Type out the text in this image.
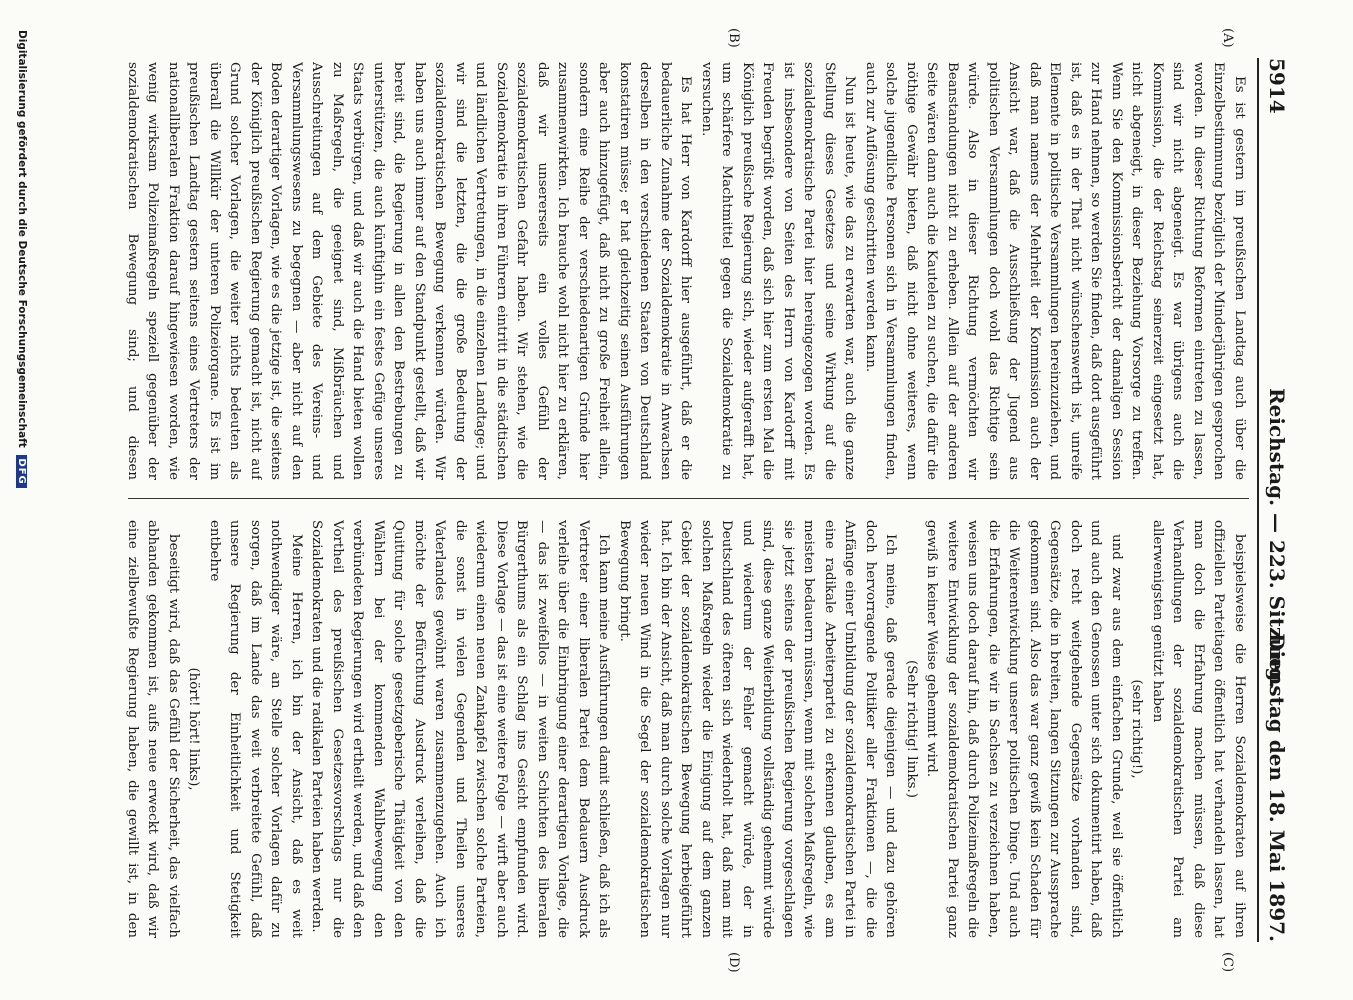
5914
Reichstag. — 223. Sitzung.
Dienstag den 18. Mai 1897.
(A)
(B)
(C)
(D)

Es ist gestern im preußischen Landtag auch über die Einzelbestimmung bezüglich der Minderjährigen gesprochen worden. In dieser Richtung Reformen eintreten zu lassen, sind wir nicht abgeneigt. Es war übrigens auch die Kommission, die der Reichstag seinerzeit eingesetzt hat, nicht abgeneigt, in dieser Beziehung Vorsorge zu treffen. Wenn Sie den Kommissionsbericht der damaligen Session zur Hand nehmen, so werden Sie finden, daß dort ausgeführt ist, daß es in der That nicht wünschenswerth ist, unreife Elemente in politische Versammlungen hereinzuziehen, und daß man namens der Mehrheit der Kommission auch der Ansicht war, daß die Ausschließung der Jugend aus politischen Versammlungen doch wohl das Richtige sein würde. Also in dieser Richtung vermöchten wir Beanstandungen nicht zu erheben. Allein auf der anderen Seite wären dann auch die Kautelen zu suchen, die dafür die nöthige Gewähr bieten, daß nicht ohne weiteres, wenn solche jugendliche Personen sich in Versammlungen finden, auch zur Auflösung geschritten werden kann.

Nun ist heute, wie das zu erwarten war, auch die ganze Stellung dieses Gesetzes und seine Wirkung auf die sozialdemokratische Partei hier hereingezogen worden. Es ist insbesondere von Seiten des Herrn von Kardorff mit Freuden begrüßt worden, daß sich hier zum ersten Mal die Königlich preußische Regierung sich, wieder aufgerafft hat, um schärfere Machtmittel gegen die Sozialdemokratie zu versuchen.

Es hat Herr von Kardorff hier ausgeführt, daß er die bedauerliche Zunahme der Sozialdemokratie in Anwachsen derselben in den verschiedenen Staaten von Deutschland konstatiren müsse; er hat gleichzeitig seinen Ausführungen aber auch hinzugefügt, daß nicht zu große Freiheit allein, sondern eine Reihe der verschiedenartigen Gründe hier zusammenwirkten. Ich brauche wohl nicht hier zu erklären, daß wir unsererseits ein volles Gefühl der sozialdemokratischen Gefahr haben. Wir stehen, wie die Sozialdemokratie in ihren Führern eintritt in die städtischen und ländlichen Vertretungen, in die einzelnen Landtage; und wir sind die letzten, die die große Bedeutung der sozialdemokratischen Bewegung verkennen würden. Wir haben uns auch immer auf den Standpunkt gestellt, daß wir bereit sind, die Regierung in allen den Bestrebungen zu unterstützen, die auch künftighin ein festes Gefüge unseres Staats verbürgen, und daß wir auch die Hand bieten wollen zu Maßregeln, die geeignet sind, Mißbräuchen und Ausschreitungen auf dem Gebiete des Vereins- und Versammlungswesens zu begegnen — aber nicht auf den Boden derartiger Vorlagen, wie es die jetzige ist, die seitens der Königlich preußischen Regierung gemacht ist, nicht auf Grund solcher Vorlagen, die weiter nichts bedeuten als überall die Willkür der unteren Polizeiorgane. Es ist im preußischen Landtag gestern seitens eines Vertreters der nationalliberalen Fraktion darauf hingewiesen worden, wie wenig wirksam Polizeimaßregeln speziell gegenüber der sozialdemokratischen Bewegung sind; und diesen

beispielsweise die Herren Sozialdemokraten auf ihren offiziellen Parteitagen öffentlich hat verhandeln lassen, hat man doch die Erfahrung machen müssen, daß diese Verhandlungen der sozialdemokratischen Partei am allerwenigsten genützt haben

(sehr richtig!),

und zwar aus dem einfachen Grunde, weil sie öffentlich und auch den Genossen unter sich dokumentirt haben, daß doch recht weitgehende Gegensätze vorhanden sind, Gegensätze, die in breiten, langen Sitzungen zur Aussprache gekommen sind. Also das war ganz gewiß kein Schaden für die Weiterentwicklung unserer politischen Dinge. Und auch die Erfahrungen, die wir in Sachsen zu verzeichnen haben, weisen uns doch darauf hin, daß durch Polizeimaßregeln die weitere Entwicklung der sozialdemokratischen Partei ganz gewiß in keiner Weise gehemmt wird.

(Sehr richtig! links.)

Ich meine, daß gerade diejenigen — und dazu gehören doch hervorragende Politiker aller Fraktionen —, die die Anfänge einer Umbildung der sozialdemokratischen Partei in eine radikale Arbeiterpartei zu erkennen glauben, es am meisten bedauern müssen, wenn mit solchen Maßregeln, wie sie jetzt seitens der preußischen Regierung vorgeschlagen sind, diese ganze Weiterbildung vollständig gehemmt würde und wiederum der Fehler gemacht würde, der in Deutschland des öfteren sich wiederholt hat, daß man mit solchen Maßregeln wieder die Einigung auf dem ganzen Gebiet der sozialdemokratischen Bewegung herbeigeführt hat. Ich bin der Ansicht, daß man durch solche Vorlagen nur wieder neuen Wind in die Segel der sozialdemokratischen Bewegung bringt.

Ich kann meine Ausführungen damit schließen, daß ich als Vertreter einer liberalen Partei dem Bedauern Ausdruck verleihe über die Einbringung einer derartigen Vorlage, die — das ist zweifellos — in weiten Schichten des liberalen Bürgerthums als ein Schlag ins Gesicht empfunden wird. Diese Vorlage — das ist eine weitere Folge — wirft aber auch wiederum einen neuen Zankapfel zwischen solche Parteien, die sonst in vielen Gegenden und Theilen unseres Vaterlandes gewöhnt waren zusammenzugehen. Auch ich möchte der Befürchtung Ausdruck verleihen, daß die Quittung für solche gesetzgeberische Thätigkeit von den Wählern bei der kommenden Wahlbewegung den verbündeten Regierungen wird ertheilt werden, und daß den Vortheil des preußischen Gesetzesvorschlags nur die Sozialdemokraten und die radikalen Parteien haben werden.

Meine Herren, ich bin der Ansicht, daß es weit nothwendiger wäre, an Stelle solcher Vorlagen dafür zu sorgen, daß im Lande das weit verbreitete Gefühl, daß unsere Regierung der Einheitlichkeit und Stetigkeit entbehre

(hört! hört! links),

beseitigt wird, daß das Gefühl der Sicherheit, das vielfach abhanden gekommen ist, aufs neue erweckt wird, daß wir eine zielbewußte Regierung haben, die gewillt ist, in den

Digitalisierung gefördert durch die Deutsche Forschungsgemeinschaft DFG
